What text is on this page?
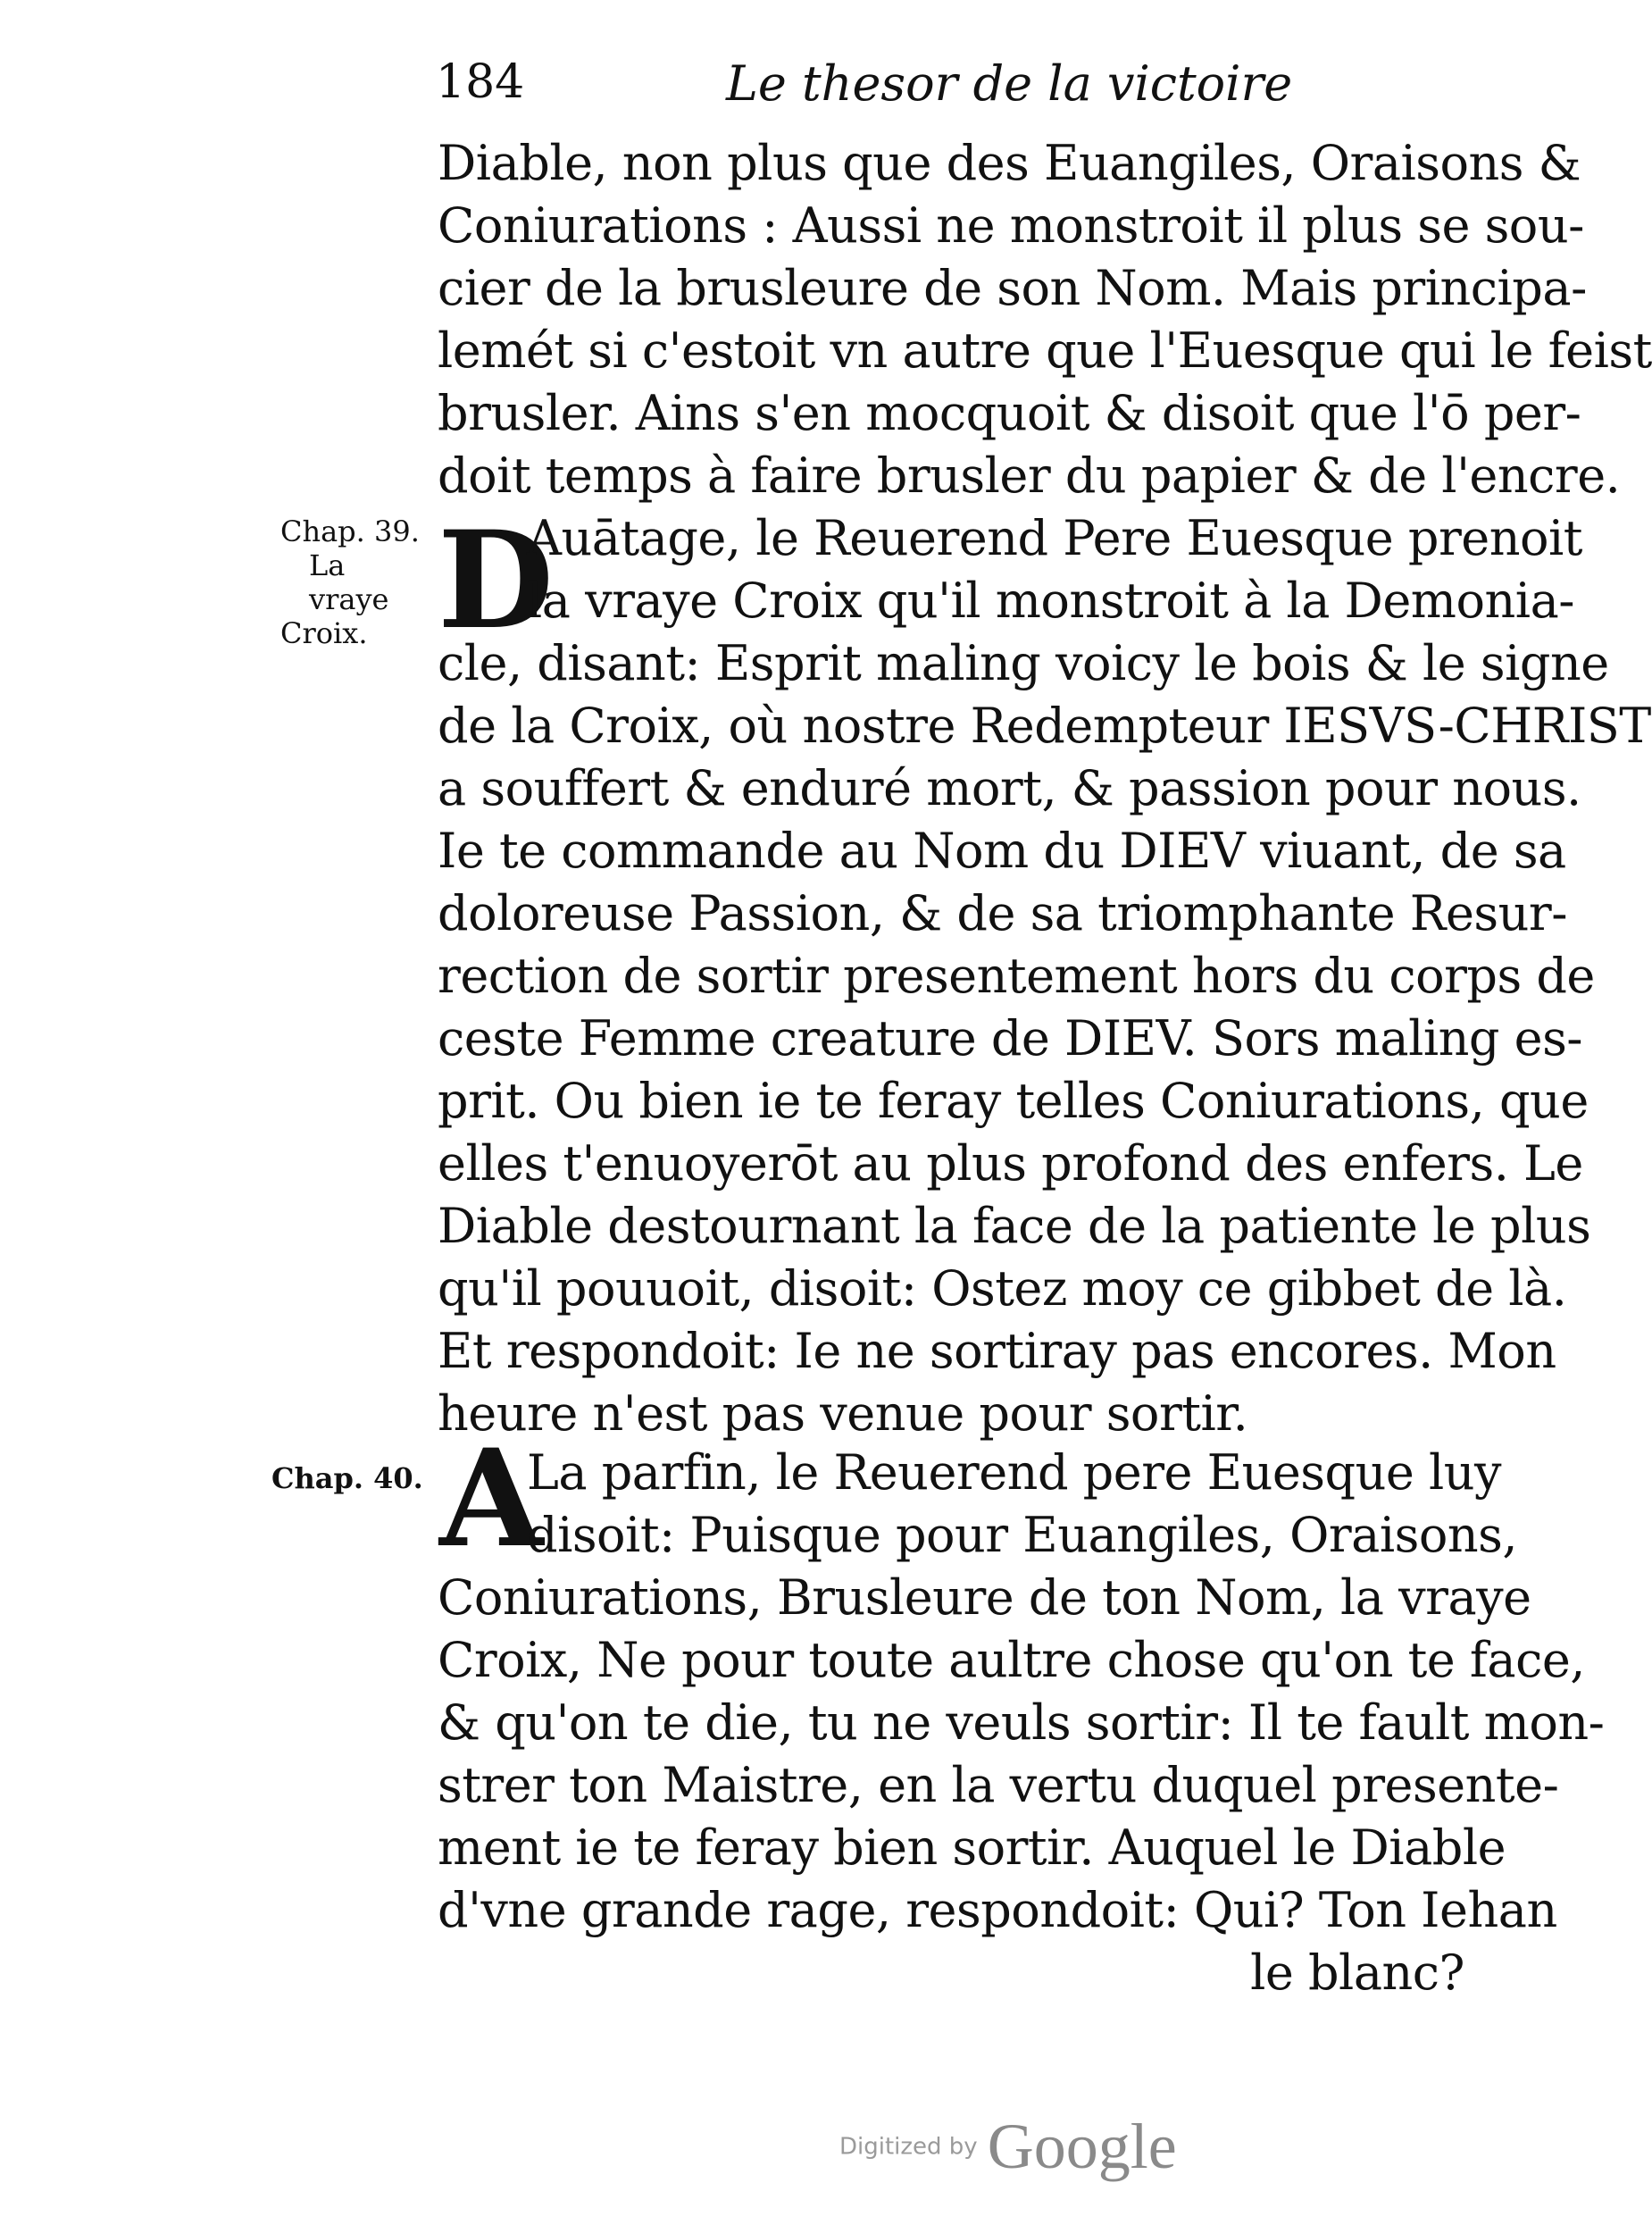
184	Le thesor de la victoire
Diable, non plus que des Euangiles, Oraisons &
Coniurations : Aussi ne monstroit il plus se sou-
cier de la brusleure de son Nom. Mais principa-
lemét si c'estoit vn autre que l'Euesque qui le feist
brusler. Ains s'en mocquoit & disoit que l'ō per-
doit temps à faire brusler du papier & de l'encre.
Chap. 39.
La vraye
Croix. D
Auātage, le Reuerend Pere Euesque prenoit
la vraye Croix qu'il monstroit à la Demonia-
cle, disant: Esprit maling voicy le bois & le signe
de la Croix, où nostre Redempteur IESVS-CHRIST
a souffert & enduré mort, & passion pour nous.
Ie te commande au Nom du DIEV viuant, de sa
doloreuse Passion, & de sa triomphante Resur-
rection de sortir presentement hors du corps de
ceste Femme creature de DIEV. Sors maling es-
prit. Ou bien ie te feray telles Coniurations, que
elles t'enuoyerōt au plus profond des enfers. Le
Diable destournant la face de la patiente le plus
qu'il pouuoit, disoit: Ostez moy ce gibbet de là.
Et respondoit: Ie ne sortiray pas encores. Mon
heure n'est pas venue pour sortir.
Chap. 40. A
La parfin, le Reuerend pere Euesque luy
disoit: Puisque pour Euangiles, Oraisons,
Coniurations, Brusleure de ton Nom, la vraye
Croix, Ne pour toute aultre chose qu'on te face,
& qu'on te die, tu ne veuls sortir: Il te fault mon-
strer ton Maistre, en la vertu duquel presente-
ment ie te feray bien sortir. Auquel le Diable
d'vne grande rage, respondoit: Qui? Ton Iehan
le blanc?
Digitized by Google
